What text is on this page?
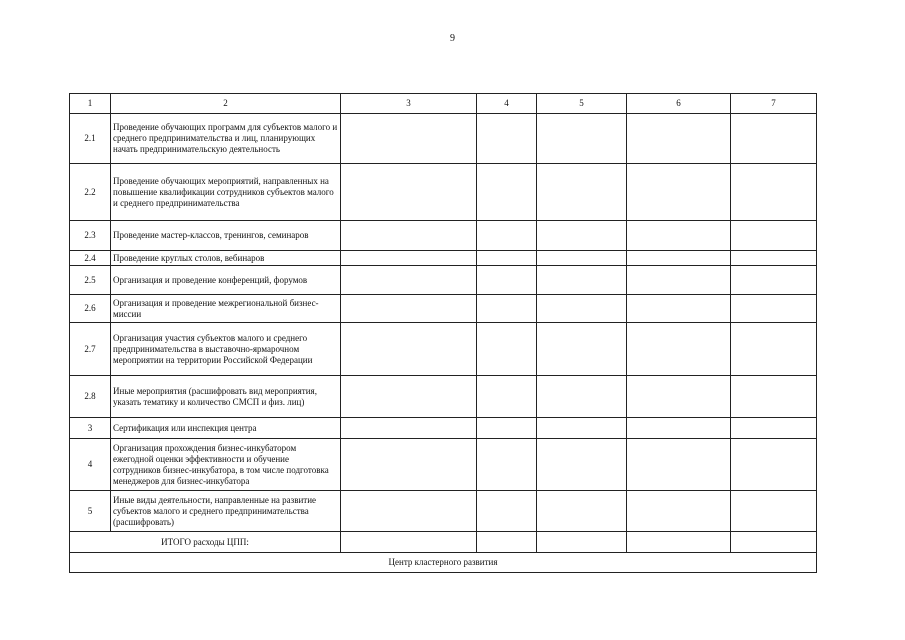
9
1	2	3	4	5	6	7
2.1	Проведение обучающих программ для субъектов малого и среднего предпринимательства и лиц, планирующих начать предпринимательскую деятельность					
2.2	Проведение обучающих мероприятий, направленных на повышение квалификации сотрудников субъектов малого и среднего предпринимательства					
2.3	Проведение мастер-классов, тренингов, семинаров					
2.4	Проведение круглых столов, вебинаров					
2.5	Организация и проведение конференций, форумов					
2.6	Организация и проведение межрегиональной бизнес-миссии					
2.7	Организация участия субъектов малого и среднего предпринимательства в выставочно-ярмарочном мероприятии на территории Российской Федерации					
2.8	Иные мероприятия (расшифровать вид мероприятия, указать тематику и количество СМСП и физ. лиц)					
3	Сертификация или инспекция центра					
4	Организация прохождения бизнес-инкубатором ежегодной оценки эффективности и обучение сотрудников бизнес-инкубатора, в том числе подготовка менеджеров для бизнес-инкубатора					
5	Иные виды деятельности, направленные на развитие субъектов малого и среднего предпринимательства (расшифровать)					
ИТОГО расходы ЦПП:						
Центр кластерного развития						
